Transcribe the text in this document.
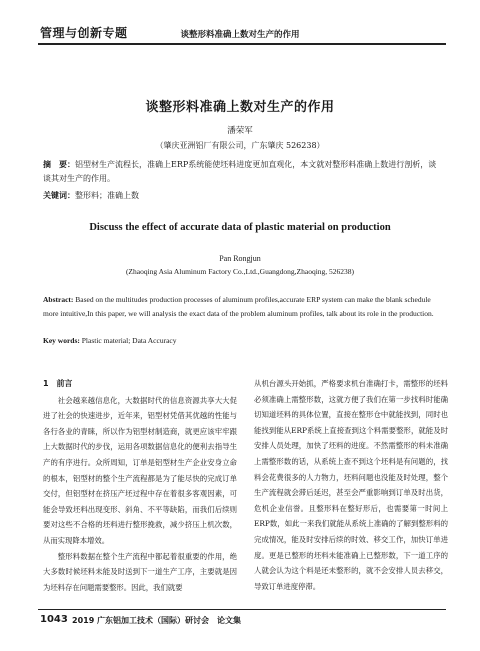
管理与创新专题	谈整形料准确上数对生产的作用
谈整形料准确上数对生产的作用
潘荣军
（肇庆亚洲铝厂有限公司，广东肇庆 526238）
摘　要：铝型材生产流程长，准确上ERP系统能使坯料进度更加直观化，本文就对整形料准确上数进行剖析，谈谈其对生产的作用。
关键词：整形料；准确上数
Discuss the effect of accurate data of plastic material on production
Pan Rongjun
(Zhaoqing Asia Aluminum Factory Co.,Ltd.,Guangdong,Zhaoqing, 526238)
Abstract: Based on the multitudes production processes of aluminum profiles,accurate ERP system can make the blank schedule more intuitive,In this paper, we will analysis the exact data of the problem aluminum profiles, talk about its role in the production.
Key words: Plastic material; Data Accuracy

1　前言

社会越来越信息化，大数据时代的信息资源共享大大促进了社会的快速进步，近年来，铝型材凭借其优越的性能与各行各业的青睐，所以作为铝型材制造商，就更应该牢牢跟上大数据时代的步伐，运用各项数据信息化的便利去指导生产的有序进行。众所周知，订单是铝型材生产企业安身立命的根本，铝型材的整个生产流程都是为了能尽快的完成订单交付，但铝型材在挤压产坯过程中存在着很多客观因素，可能会导致坯料出现变形、斜角、不平等缺陷，而我们后续则要对这些不合格的坯料进行整形挽救，减少挤压上机次数，从而实现降本增效。

整形料数据在整个生产流程中都起着很重要的作用，绝大多数时候坯料未能及时送到下一道生产工序，主要就是因为坯料存在问题需要整形。因此，我们就要

从机台源头开始抓，严格要求机台准确打卡，需整形的坯料必须准确上需整形数，这就方便了我们在第一步找料时能确切知道坯料的具体位置，直接在整形仓中就能找到，同时也能找到能从ERP系统上直接查到这个料需要整形，就能及时安排人员处理，加快了坯料的进度。不然需整形的料未准确上需整形数的话，从系统上查不到这个坯料是有问题的，找料会花费很多的人力物力，坯料问题也没能及时处理，整个生产流程就会滞后延迟，甚至会严重影响到订单及时出货，危机企业信誉。且整形料在整好形后，也需要第一时间上ERP数，如此一来我们就能从系统上准确的了解到整形料的完成情况，能及时安排后续的时效、移交工作，加快订单进度。更是已整形的坯料未能准确上已整形数，下一道工序的人就会认为这个料是还未整形的，就不会安排人员去移交，导致订单进度停滞。

1043 2019 广东铝加工技术（国际）研讨会　论文集
